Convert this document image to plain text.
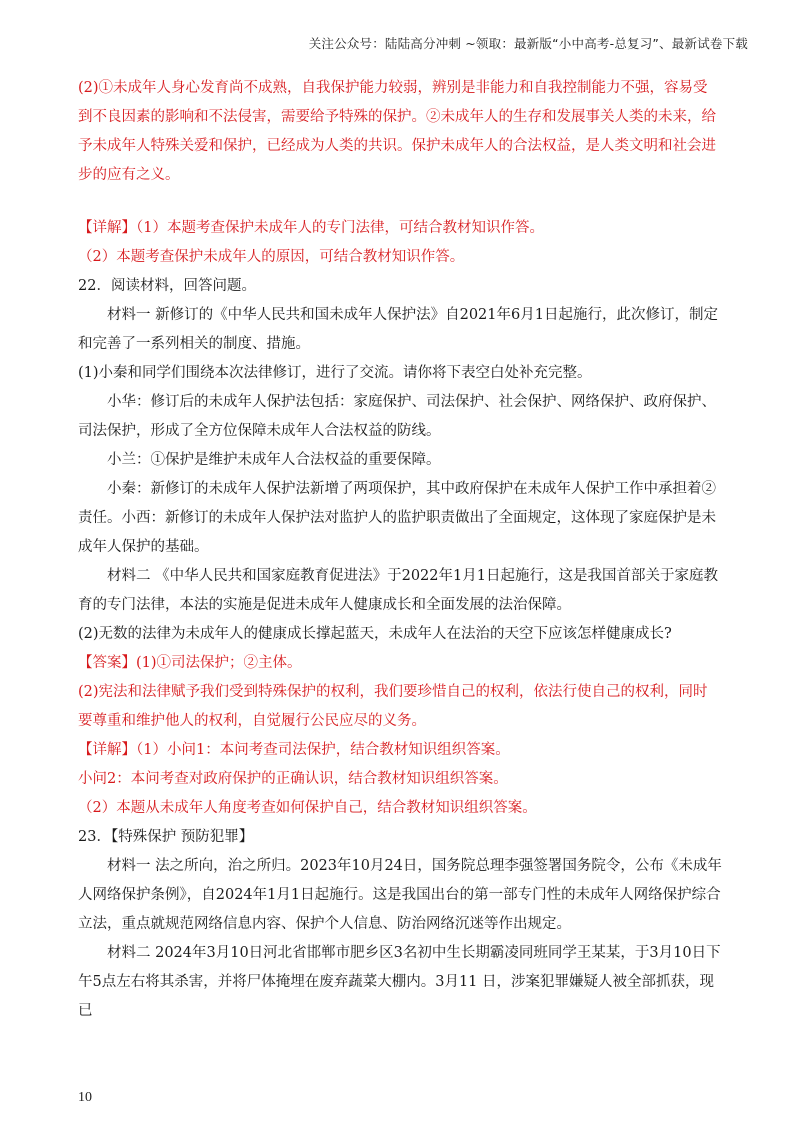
关注公众号：陆陆高分冲刺 ~领取：最新版“小中高考-总复习”、最新试卷下载

(2)①未成年人身心发育尚不成熟，自我保护能力较弱，辨别是非能力和自我控制能力不强，容易受到不良因素的影响和不法侵害，需要给予特殊的保护。②未成年人的生存和发展事关人类的未来，给予未成年人特殊关爱和保护，已经成为人类的共识。保护未成年人的合法权益，是人类文明和社会进步的应有之义。

【详解】（1）本题考查保护未成年人的专门法律，可结合教材知识作答。

（2）本题考查保护未成年人的原因，可结合教材知识作答。

22．阅读材料，回答问题。

材料一 新修订的《中华人民共和国未成年人保护法》自2021年6月1日起施行，此次修订，制定和完善了一系列相关的制度、措施。

(1)小秦和同学们围绕本次法律修订，进行了交流。请你将下表空白处补充完整。

小华：修订后的未成年人保护法包括：家庭保护、司法保护、社会保护、网络保护、政府保护、司法保护，形成了全方位保障未成年人合法权益的防线。

小兰：①保护是维护未成年人合法权益的重要保障。

小秦：新修订的未成年人保护法新增了两项保护，其中政府保护在未成年人保护工作中承担着②责任。小西：新修订的未成年人保护法对监护人的监护职责做出了全面规定，这体现了家庭保护是未成年人保护的基础。

材料二 《中华人民共和国家庭教育促进法》于2022年1月1日起施行，这是我国首部关于家庭教育的专门法律，本法的实施是促进未成年人健康成长和全面发展的法治保障。

(2)无数的法律为未成年人的健康成长撑起蓝天，未成年人在法治的天空下应该怎样健康成长?

【答案】(1)①司法保护；②主体。

(2)宪法和法律赋予我们受到特殊保护的权利，我们要珍惜自己的权利，依法行使自己的权利，同时要尊重和维护他人的权利，自觉履行公民应尽的义务。

【详解】（1）小问1：本问考查司法保护，结合教材知识组织答案。

小问2：本问考查对政府保护的正确认识，结合教材知识组织答案。

（2）本题从未成年人角度考查如何保护自己，结合教材知识组织答案。

23．【特殊保护 预防犯罪】

材料一 法之所向，治之所归。2023年10月24日，国务院总理李强签署国务院令，公布《未成年人网络保护条例》，自2024年1月1日起施行。这是我国出台的第一部专门性的未成年人网络保护综合立法，重点就规范网络信息内容、保护个人信息、防治网络沉迷等作出规定。

材料二 2024年3月10日河北省邯郸市肥乡区3名初中生长期霸凌同班同学王某某，于3月10日下午5点左右将其杀害，并将尸体掩埋在废弃蔬菜大棚内。3月11 日，涉案犯罪嫌疑人被全部抓获，现已

10
